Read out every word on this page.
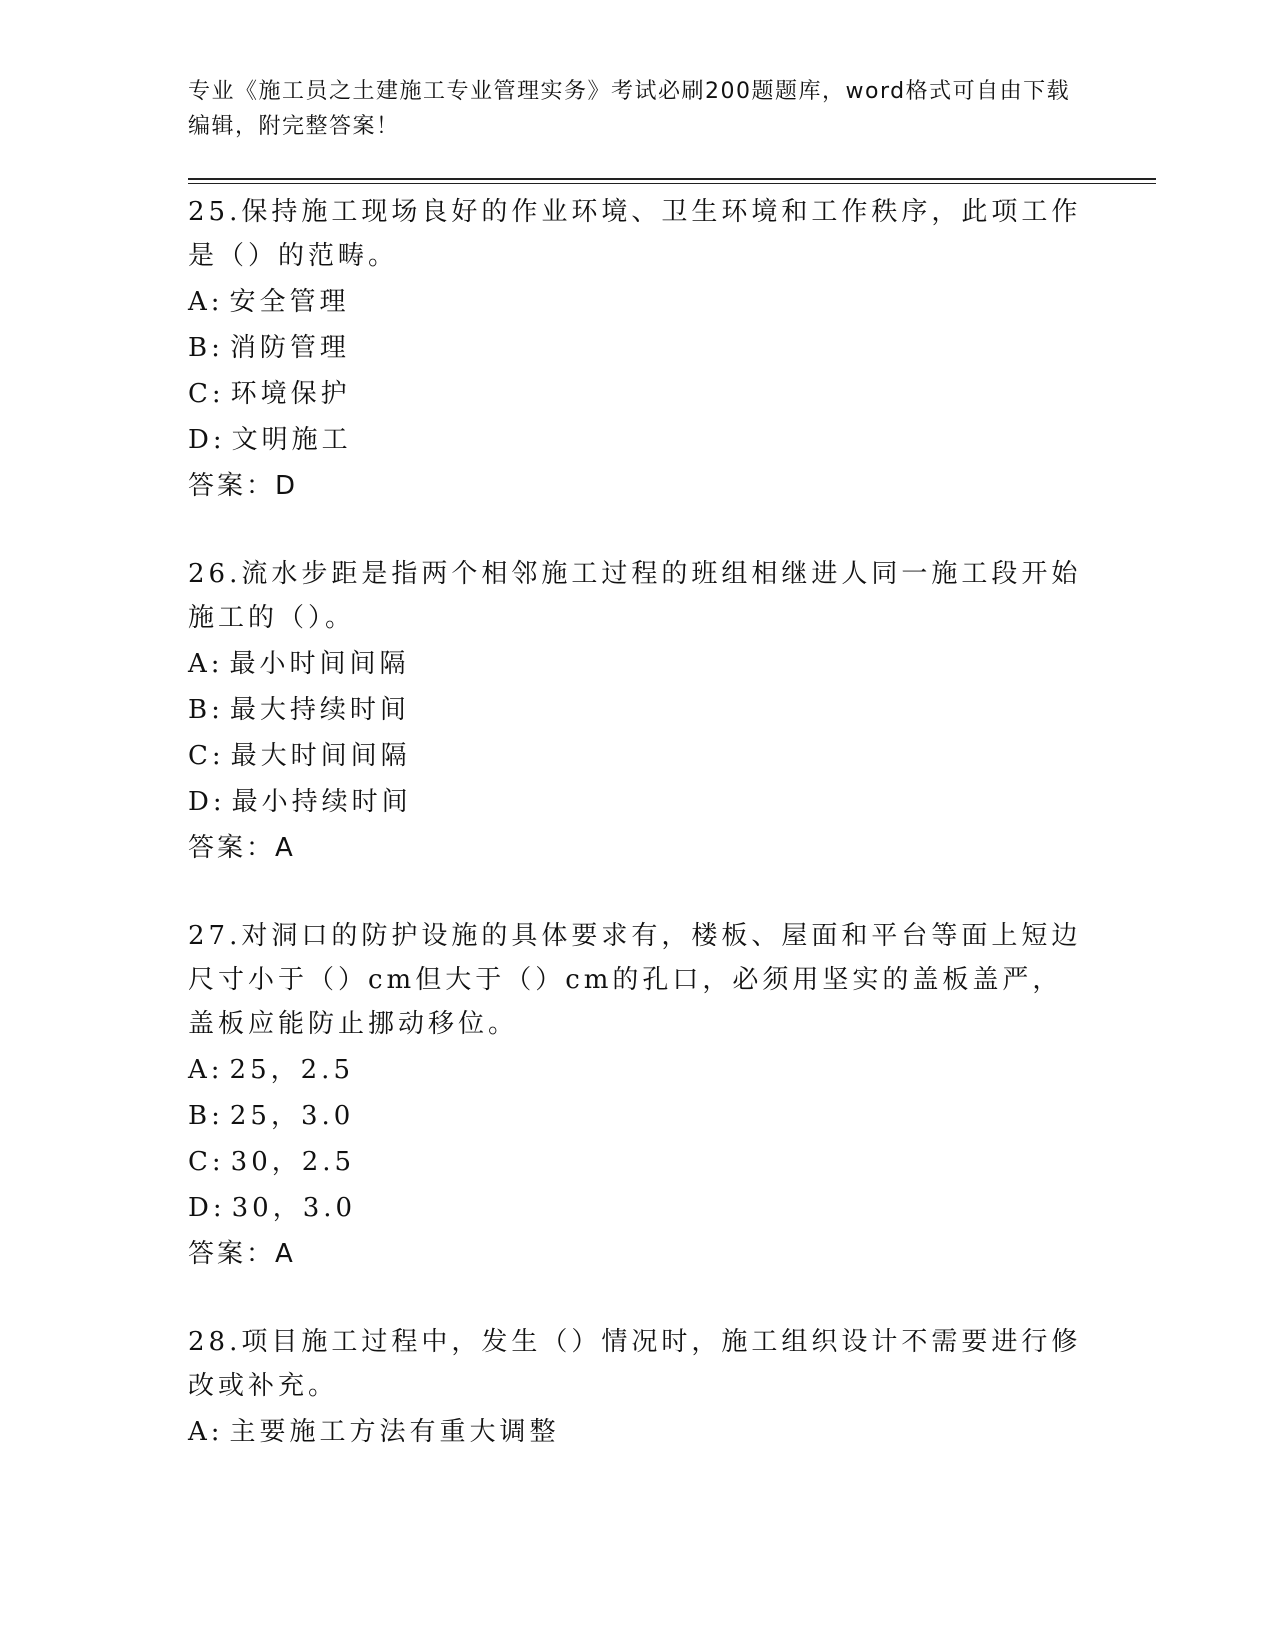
专业《施工员之土建施工专业管理实务》考试必刷200题题库，word格式可自由下载编辑，附完整答案！

25.保持施工现场良好的作业环境、卫生环境和工作秩序，此项工作是（）的范畴。

A: 安全管理

B: 消防管理

C: 环境保护

D: 文明施工

答案：D

26.流水步距是指两个相邻施工过程的班组相继进人同一施工段开始施工的（）。

A: 最小时间间隔

B: 最大持续时间

C: 最大时间间隔

D: 最小持续时间

答案：A

27.对洞口的防护设施的具体要求有，楼板、屋面和平台等面上短边尺寸小于（）cm但大于（）cm的孔口，必须用坚实的盖板盖严，盖板应能防止挪动移位。

A: 25，2.5

B: 25，3.0

C: 30，2.5

D: 30，3.0

答案：A

28.项目施工过程中，发生（）情况时，施工组织设计不需要进行修改或补充。

A: 主要施工方法有重大调整
